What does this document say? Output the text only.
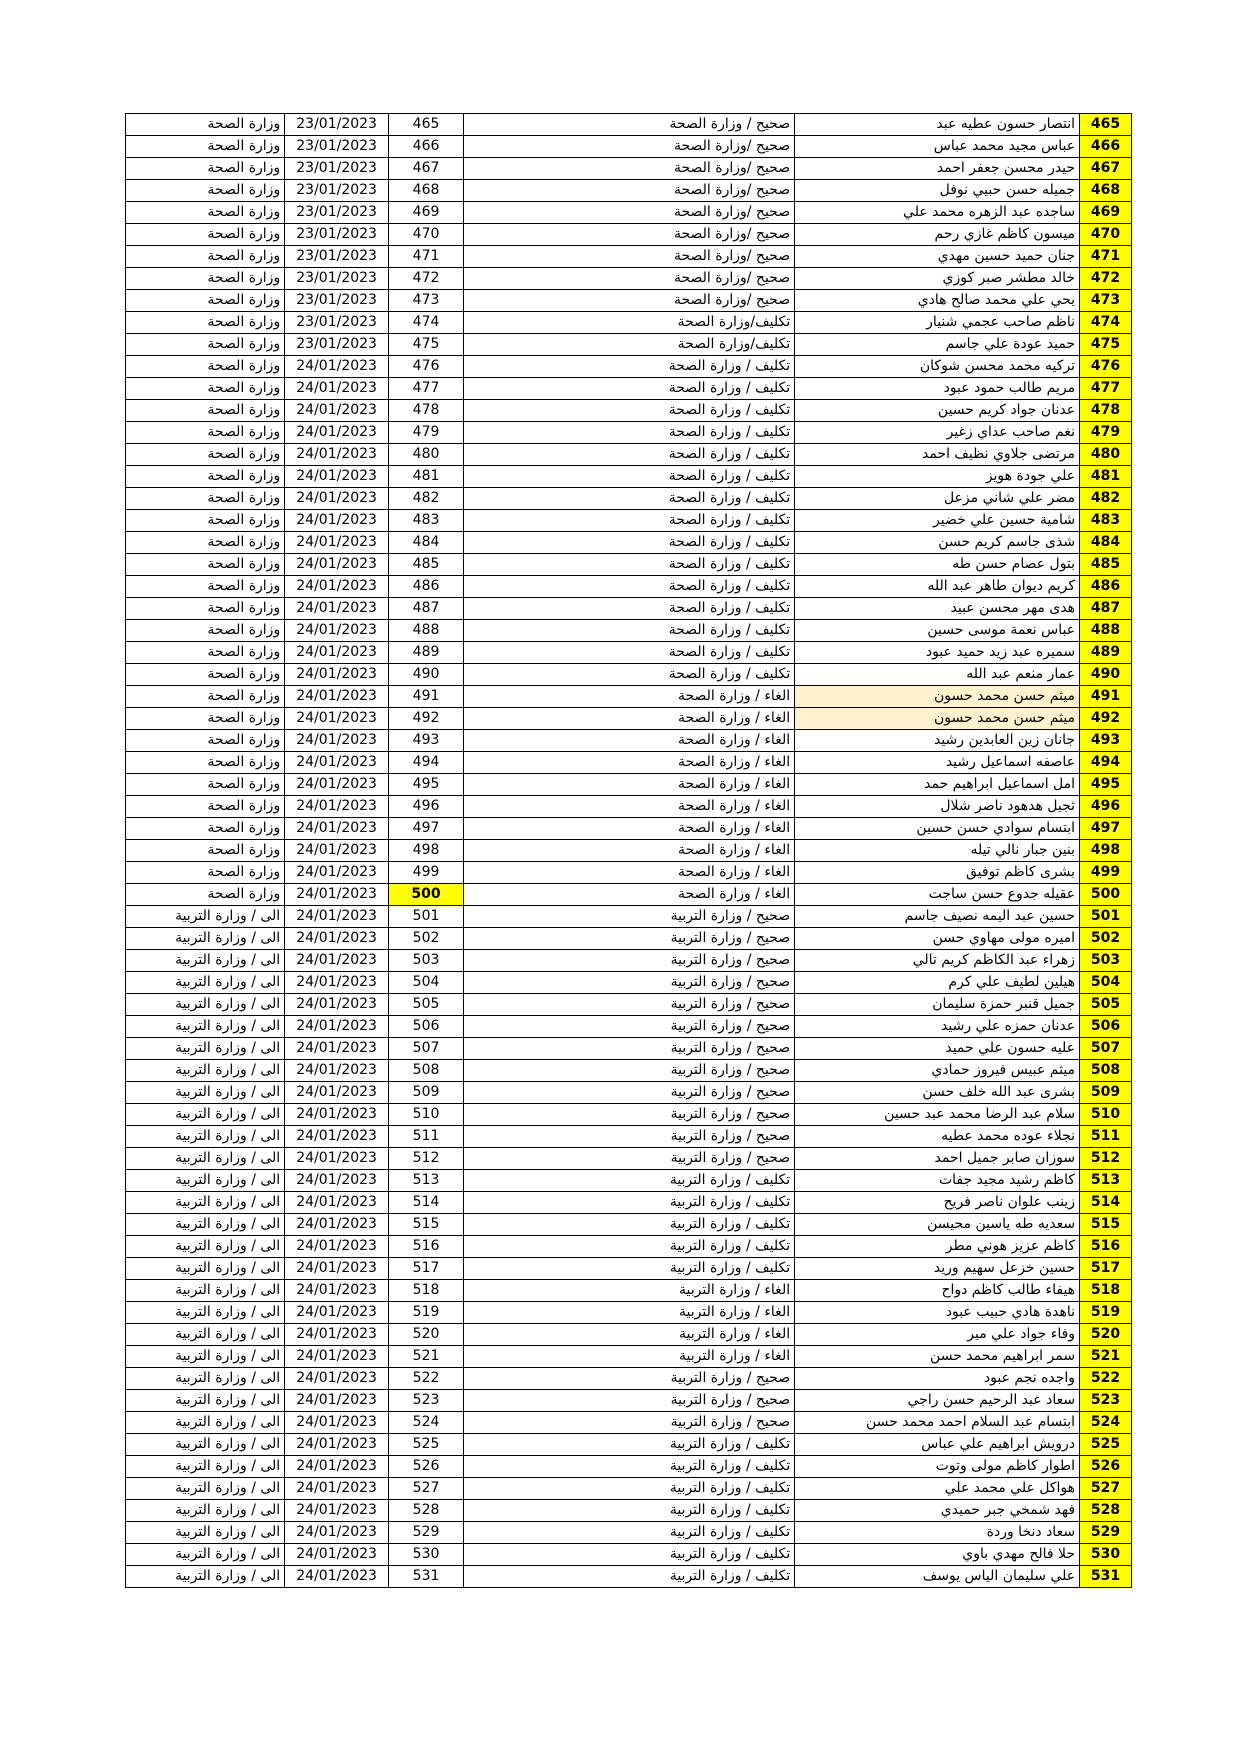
وزارة الصحة	23/01/2023	465	صحيح / وزارة الصحة	انتصار حسون عطيه عبد	465
وزارة الصحة	23/01/2023	466	صحيح /وزارة الصحة	عباس مجيد محمد عباس	466
وزارة الصحة	23/01/2023	467	صحيح /وزارة الصحة	حيدر محسن جعفر احمد	467
وزارة الصحة	23/01/2023	468	صحيح /وزارة الصحة	جميله حسن حبيي نوفل	468
وزارة الصحة	23/01/2023	469	صحيح /وزارة الصحة	ساجده عبد الزهره محمد علي	469
وزارة الصحة	23/01/2023	470	صحيح /وزارة الصحة	ميسون كاظم غازي رحم	470
وزارة الصحة	23/01/2023	471	صحيح /وزارة الصحة	جنان حميد حسين مهدي	471
وزارة الصحة	23/01/2023	472	صحيح /وزارة الصحة	خالد مطشر صبر كوزي	472
وزارة الصحة	23/01/2023	473	صحيح /وزارة الصحة	يحي علي محمد صالح هادي	473
وزارة الصحة	23/01/2023	474	تكليف/وزارة الصحة	ناظم صاحب عجمي شنيار	474
وزارة الصحة	23/01/2023	475	تكليف/وزارة الصحة	حميد عودة علي جاسم	475
وزارة الصحة	24/01/2023	476	تكليف / وزارة الصحة	تركيه محمد محسن شوكان	476
وزارة الصحة	24/01/2023	477	تكليف / وزارة الصحة	مريم طالب حمود عبود	477
وزارة الصحة	24/01/2023	478	تكليف / وزارة الصحة	عدنان جواد كريم حسين	478
وزارة الصحة	24/01/2023	479	تكليف / وزارة الصحة	نغم صاحب عداي زغير	479
وزارة الصحة	24/01/2023	480	تكليف / وزارة الصحة	مرتضى جلاوي نظيف احمد	480
وزارة الصحة	24/01/2023	481	تكليف / وزارة الصحة	علي جودة هويز	481
وزارة الصحة	24/01/2023	482	تكليف / وزارة الصحة	مضر علي شاني مزعل	482
وزارة الصحة	24/01/2023	483	تكليف / وزارة الصحة	شامية حسين علي خضير	483
وزارة الصحة	24/01/2023	484	تكليف / وزارة الصحة	شذى جاسم كريم حسن	484
وزارة الصحة	24/01/2023	485	تكليف / وزارة الصحة	بتول عصام حسن طه	485
وزارة الصحة	24/01/2023	486	تكليف / وزارة الصحة	كريم ديوان طاهر عبد الله	486
وزارة الصحة	24/01/2023	487	تكليف / وزارة الصحة	هدى مهر محسن عبيد	487
وزارة الصحة	24/01/2023	488	تكليف / وزارة الصحة	عباس نعمة موسى حسين	488
وزارة الصحة	24/01/2023	489	تكليف / وزارة الصحة	سميره عبد زيد حميد عبود	489
وزارة الصحة	24/01/2023	490	تكليف / وزارة الصحة	عمار منعم عبد الله	490
وزارة الصحة	24/01/2023	491	الغاء / وزارة الصحة	ميثم حسن محمد حسون	491
وزارة الصحة	24/01/2023	492	الغاء / وزارة الصحة	ميثم حسن محمد حسون	492
وزارة الصحة	24/01/2023	493	الغاء / وزارة الصحة	جانان زين العابدين رشيد	493
وزارة الصحة	24/01/2023	494	الغاء / وزارة الصحة	عاصفه اسماعيل رشيد	494
وزارة الصحة	24/01/2023	495	الغاء / وزارة الصحة	امل اسماعيل ابراهيم حمد	495
وزارة الصحة	24/01/2023	496	الغاء / وزارة الصحة	ثجيل هدهود ناصر شلال	496
وزارة الصحة	24/01/2023	497	الغاء / وزارة الصحة	ابتسام سوادي حسن حسين	497
وزارة الصحة	24/01/2023	498	الغاء / وزارة الصحة	بنين جبار نالي تيله	498
وزارة الصحة	24/01/2023	499	الغاء / وزارة الصحة	بشرى كاظم توفيق	499
وزارة الصحة	24/01/2023	500	الغاء / وزارة الصحة	عقيله جدوع حسن ساجت	500
الى / وزارة التربية	24/01/2023	501	صحيح / وزارة التربية	حسين عبد اليمه نصيف جاسم	501
الى / وزارة التربية	24/01/2023	502	صحيح / وزارة التربية	اميره مولى مهاوي حسن	502
الى / وزارة التربية	24/01/2023	503	صحيح / وزارة التربية	زهراء عبد الكاظم كريم تالي	503
الى / وزارة التربية	24/01/2023	504	صحيح / وزارة التربية	هيلين لطيف علي كرم	504
الى / وزارة التربية	24/01/2023	505	صحيح / وزارة التربية	جميل قنبر حمزة سليمان	505
الى / وزارة التربية	24/01/2023	506	صحيح / وزارة التربية	عدنان حمزه علي رشيد	506
الى / وزارة التربية	24/01/2023	507	صحيح / وزارة التربية	عليه حسون علي حميد	507
الى / وزارة التربية	24/01/2023	508	صحيح / وزارة التربية	ميثم عبيس فيروز حمادي	508
الى / وزارة التربية	24/01/2023	509	صحيح / وزارة التربية	بشرى عبد الله خلف حسن	509
الى / وزارة التربية	24/01/2023	510	صحيح / وزارة التربية	سلام عبد الرضا محمد عبد حسين	510
الى / وزارة التربية	24/01/2023	511	صحيح / وزارة التربية	نجلاء عوده محمد عطيه	511
الى / وزارة التربية	24/01/2023	512	صحيح / وزارة التربية	سوزان صابر جميل احمد	512
الى / وزارة التربية	24/01/2023	513	تكليف / وزارة التربية	كاظم رشيد مجيد جفات	513
الى / وزارة التربية	24/01/2023	514	تكليف / وزارة التربية	زينب علوان ناصر فريح	514
الى / وزارة التربية	24/01/2023	515	تكليف / وزارة التربية	سعديه طه ياسين محيسن	515
الى / وزارة التربية	24/01/2023	516	تكليف / وزارة التربية	كاظم عزيز هوني مطر	516
الى / وزارة التربية	24/01/2023	517	تكليف / وزارة التربية	حسين خزعل سهيم وريد	517
الى / وزارة التربية	24/01/2023	518	الغاء / وزارة التربية	هيفاء طالب كاظم دواح	518
الى / وزارة التربية	24/01/2023	519	الغاء / وزارة التربية	ناهدة هادي حبيب عبود	519
الى / وزارة التربية	24/01/2023	520	الغاء / وزارة التربية	وفاء جواد علي مير	520
الى / وزارة التربية	24/01/2023	521	الغاء / وزارة التربية	سمر ابراهيم محمد حسن	521
الى / وزارة التربية	24/01/2023	522	صحيح / وزارة التربية	واجده نجم عبود	522
الى / وزارة التربية	24/01/2023	523	صحيح / وزارة التربية	سعاد عبد الرحيم حسن راجي	523
الى / وزارة التربية	24/01/2023	524	صحيح / وزارة التربية	ابتسام عبد السلام احمد محمد حسن	524
الى / وزارة التربية	24/01/2023	525	تكليف / وزارة التربية	درويش ابراهيم علي عباس	525
الى / وزارة التربية	24/01/2023	526	تكليف / وزارة التربية	اطوار كاظم مولى وتوت	526
الى / وزارة التربية	24/01/2023	527	تكليف / وزارة التربية	هواكل علي محمد علي	527
الى / وزارة التربية	24/01/2023	528	تكليف / وزارة التربية	فهد شمخي جبر حميدي	528
الى / وزارة التربية	24/01/2023	529	تكليف / وزارة التربية	سعاد دنخا وردة	529
الى / وزارة التربية	24/01/2023	530	تكليف / وزارة التربية	حلا فالح مهدي باوي	530
الى / وزارة التربية	24/01/2023	531	تكليف / وزارة التربية	علي سليمان الياس يوسف	531
